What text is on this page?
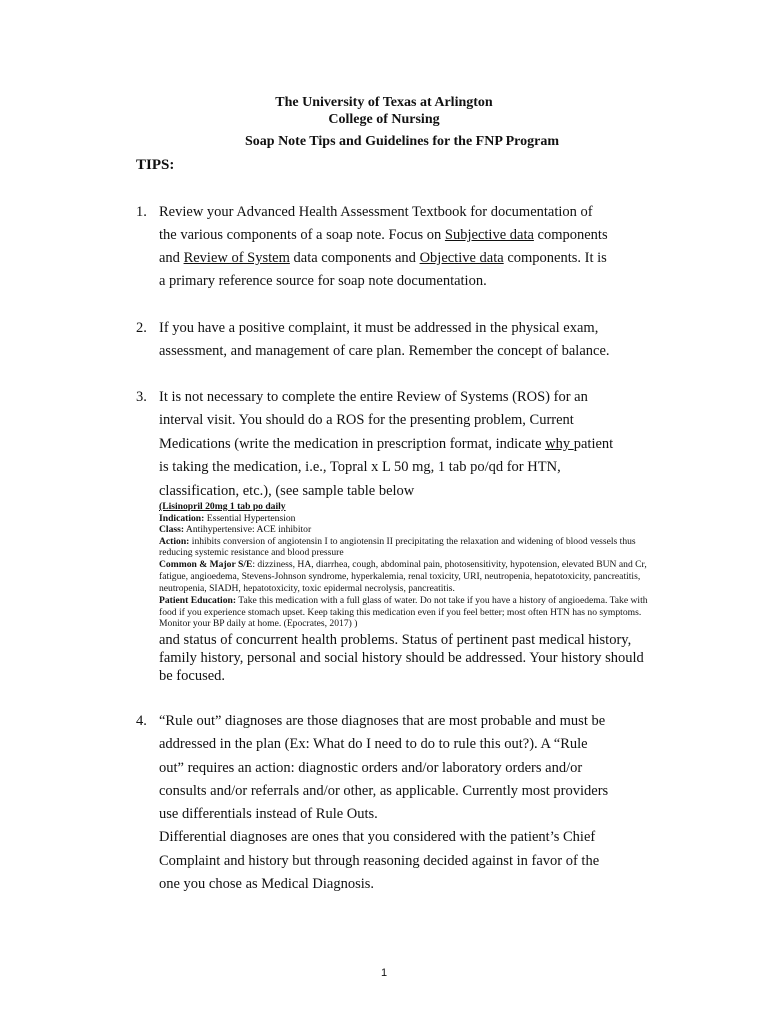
The University of Texas at Arlington
College of Nursing
Soap Note Tips and Guidelines for the FNP Program
TIPS:
1. Review your Advanced Health Assessment Textbook for documentation of
the various components of a soap note. Focus on Subjective data components
and Review of System data components and Objective data components. It is
a primary reference source for soap note documentation.
2. If you have a positive complaint, it must be addressed in the physical exam,
assessment, and management of care plan. Remember the concept of balance.
3. It is not necessary to complete the entire Review of Systems (ROS) for an
interval visit. You should do a ROS for the presenting problem, Current
Medications (write the medication in prescription format, indicate why patient
is taking the medication, i.e., Topral x L 50 mg, 1 tab po/qd for HTN,
classification, etc.), (see sample table below
(Lisinopril 20mg 1 tab po daily
Indication: Essential Hypertension
Class: Antihypertensive: ACE inhibitor
Action: inhibits conversion of angiotensin I to angiotensin II precipitating the relaxation and widening of blood vessels thus
reducing systemic resistance and blood pressure
Common & Major S/E: dizziness, HA, diarrhea, cough, abdominal pain, photosensitivity, hypotension, elevated BUN and Cr,
fatigue, angioedema, Stevens-Johnson syndrome, hyperkalemia, renal toxicity, URI, neutropenia, hepatotoxicity, pancreatitis,
neutropenia, SIADH, hepatotoxicity, toxic epidermal necrolysis, pancreatitis.
Patient Education: Take this medication with a full glass of water. Do not take if you have a history of angioedema. Take with
food if you experience stomach upset. Keep taking this medication even if you feel better; most often HTN has no symptoms.
Monitor your BP daily at home. (Epocrates, 2017) )
and status of concurrent health problems. Status of pertinent past medical history,
family history, personal and social history should be addressed. Your history should
be focused.
4. “Rule out” diagnoses are those diagnoses that are most probable and must be
addressed in the plan (Ex: What do I need to do to rule this out?). A “Rule
out” requires an action: diagnostic orders and/or laboratory orders and/or
consults and/or referrals and/or other, as applicable. Currently most providers
use differentials instead of Rule Outs.
Differential diagnoses are ones that you considered with the patient’s Chief
Complaint and history but through reasoning decided against in favor of the
one you chose as Medical Diagnosis.
1
